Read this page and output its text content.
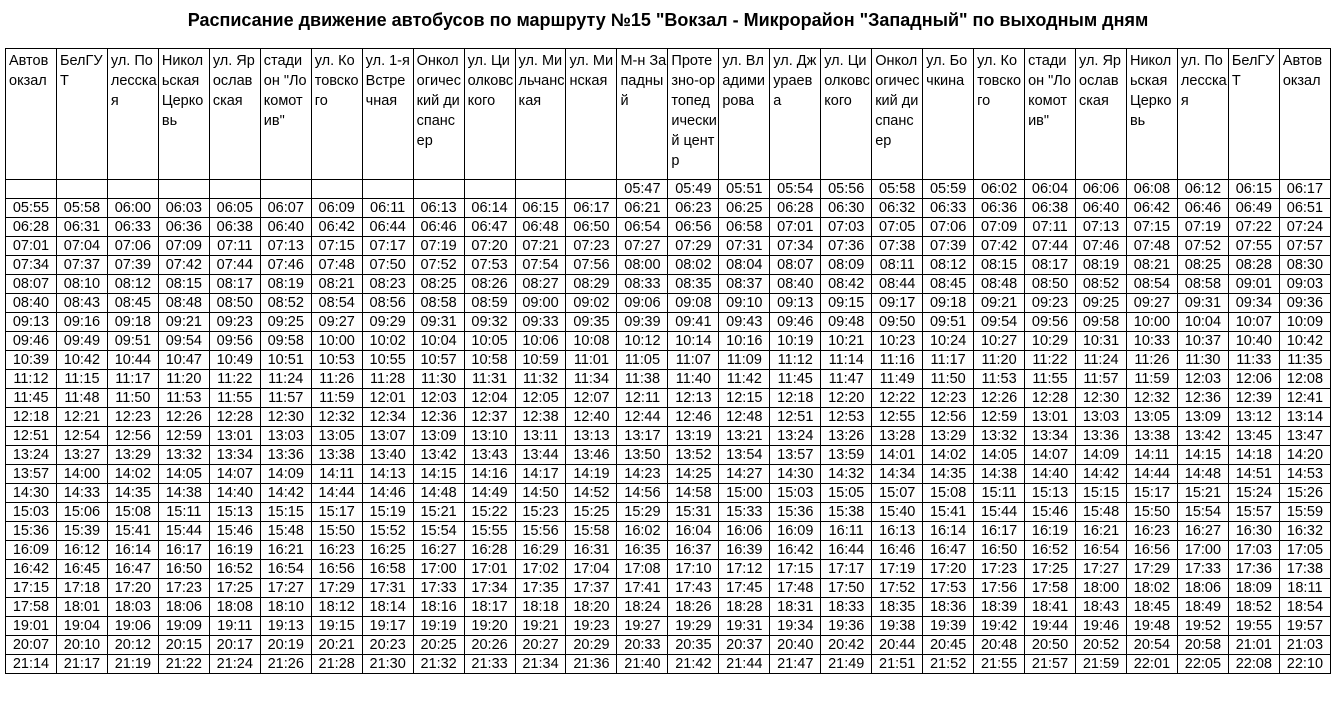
Расписание движение автобусов по маршруту №15 "Вокзал - Микрорайон "Западный" по выходным дням
Автовокзал	БелГУТ	ул. Полесская	Никольская Церковь	ул. Ярославская	стадион "Локомотив"	ул. Котовского	ул. 1-я Встречная	Онкологический диспансер	ул. Циолковского	ул. Мильчанская	ул. Минская	М-н Западный	Протезно-ортопедический центр	ул. Владимирова	ул. Джураева	ул. Циолковского	Онкологический диспансер	ул. Бочкина	ул. Котовского	стадион "Локомотив"	ул. Ярославская	Никольская Церковь	ул. Полесская	БелГУТ	Автовокзал
												05:47	05:49	05:51	05:54	05:56	05:58	05:59	06:02	06:04	06:06	06:08	06:12	06:15	06:17
05:55	05:58	06:00	06:03	06:05	06:07	06:09	06:11	06:13	06:14	06:15	06:17	06:21	06:23	06:25	06:28	06:30	06:32	06:33	06:36	06:38	06:40	06:42	06:46	06:49	06:51
06:28	06:31	06:33	06:36	06:38	06:40	06:42	06:44	06:46	06:47	06:48	06:50	06:54	06:56	06:58	07:01	07:03	07:05	07:06	07:09	07:11	07:13	07:15	07:19	07:22	07:24
07:01	07:04	07:06	07:09	07:11	07:13	07:15	07:17	07:19	07:20	07:21	07:23	07:27	07:29	07:31	07:34	07:36	07:38	07:39	07:42	07:44	07:46	07:48	07:52	07:55	07:57
07:34	07:37	07:39	07:42	07:44	07:46	07:48	07:50	07:52	07:53	07:54	07:56	08:00	08:02	08:04	08:07	08:09	08:11	08:12	08:15	08:17	08:19	08:21	08:25	08:28	08:30
08:07	08:10	08:12	08:15	08:17	08:19	08:21	08:23	08:25	08:26	08:27	08:29	08:33	08:35	08:37	08:40	08:42	08:44	08:45	08:48	08:50	08:52	08:54	08:58	09:01	09:03
08:40	08:43	08:45	08:48	08:50	08:52	08:54	08:56	08:58	08:59	09:00	09:02	09:06	09:08	09:10	09:13	09:15	09:17	09:18	09:21	09:23	09:25	09:27	09:31	09:34	09:36
09:13	09:16	09:18	09:21	09:23	09:25	09:27	09:29	09:31	09:32	09:33	09:35	09:39	09:41	09:43	09:46	09:48	09:50	09:51	09:54	09:56	09:58	10:00	10:04	10:07	10:09
09:46	09:49	09:51	09:54	09:56	09:58	10:00	10:02	10:04	10:05	10:06	10:08	10:12	10:14	10:16	10:19	10:21	10:23	10:24	10:27	10:29	10:31	10:33	10:37	10:40	10:42
10:39	10:42	10:44	10:47	10:49	10:51	10:53	10:55	10:57	10:58	10:59	11:01	11:05	11:07	11:09	11:12	11:14	11:16	11:17	11:20	11:22	11:24	11:26	11:30	11:33	11:35
11:12	11:15	11:17	11:20	11:22	11:24	11:26	11:28	11:30	11:31	11:32	11:34	11:38	11:40	11:42	11:45	11:47	11:49	11:50	11:53	11:55	11:57	11:59	12:03	12:06	12:08
11:45	11:48	11:50	11:53	11:55	11:57	11:59	12:01	12:03	12:04	12:05	12:07	12:11	12:13	12:15	12:18	12:20	12:22	12:23	12:26	12:28	12:30	12:32	12:36	12:39	12:41
12:18	12:21	12:23	12:26	12:28	12:30	12:32	12:34	12:36	12:37	12:38	12:40	12:44	12:46	12:48	12:51	12:53	12:55	12:56	12:59	13:01	13:03	13:05	13:09	13:12	13:14
12:51	12:54	12:56	12:59	13:01	13:03	13:05	13:07	13:09	13:10	13:11	13:13	13:17	13:19	13:21	13:24	13:26	13:28	13:29	13:32	13:34	13:36	13:38	13:42	13:45	13:47
13:24	13:27	13:29	13:32	13:34	13:36	13:38	13:40	13:42	13:43	13:44	13:46	13:50	13:52	13:54	13:57	13:59	14:01	14:02	14:05	14:07	14:09	14:11	14:15	14:18	14:20
13:57	14:00	14:02	14:05	14:07	14:09	14:11	14:13	14:15	14:16	14:17	14:19	14:23	14:25	14:27	14:30	14:32	14:34	14:35	14:38	14:40	14:42	14:44	14:48	14:51	14:53
14:30	14:33	14:35	14:38	14:40	14:42	14:44	14:46	14:48	14:49	14:50	14:52	14:56	14:58	15:00	15:03	15:05	15:07	15:08	15:11	15:13	15:15	15:17	15:21	15:24	15:26
15:03	15:06	15:08	15:11	15:13	15:15	15:17	15:19	15:21	15:22	15:23	15:25	15:29	15:31	15:33	15:36	15:38	15:40	15:41	15:44	15:46	15:48	15:50	15:54	15:57	15:59
15:36	15:39	15:41	15:44	15:46	15:48	15:50	15:52	15:54	15:55	15:56	15:58	16:02	16:04	16:06	16:09	16:11	16:13	16:14	16:17	16:19	16:21	16:23	16:27	16:30	16:32
16:09	16:12	16:14	16:17	16:19	16:21	16:23	16:25	16:27	16:28	16:29	16:31	16:35	16:37	16:39	16:42	16:44	16:46	16:47	16:50	16:52	16:54	16:56	17:00	17:03	17:05
16:42	16:45	16:47	16:50	16:52	16:54	16:56	16:58	17:00	17:01	17:02	17:04	17:08	17:10	17:12	17:15	17:17	17:19	17:20	17:23	17:25	17:27	17:29	17:33	17:36	17:38
17:15	17:18	17:20	17:23	17:25	17:27	17:29	17:31	17:33	17:34	17:35	17:37	17:41	17:43	17:45	17:48	17:50	17:52	17:53	17:56	17:58	18:00	18:02	18:06	18:09	18:11
17:58	18:01	18:03	18:06	18:08	18:10	18:12	18:14	18:16	18:17	18:18	18:20	18:24	18:26	18:28	18:31	18:33	18:35	18:36	18:39	18:41	18:43	18:45	18:49	18:52	18:54
19:01	19:04	19:06	19:09	19:11	19:13	19:15	19:17	19:19	19:20	19:21	19:23	19:27	19:29	19:31	19:34	19:36	19:38	19:39	19:42	19:44	19:46	19:48	19:52	19:55	19:57
20:07	20:10	20:12	20:15	20:17	20:19	20:21	20:23	20:25	20:26	20:27	20:29	20:33	20:35	20:37	20:40	20:42	20:44	20:45	20:48	20:50	20:52	20:54	20:58	21:01	21:03
21:14	21:17	21:19	21:22	21:24	21:26	21:28	21:30	21:32	21:33	21:34	21:36	21:40	21:42	21:44	21:47	21:49	21:51	21:52	21:55	21:57	21:59	22:01	22:05	22:08	22:10
